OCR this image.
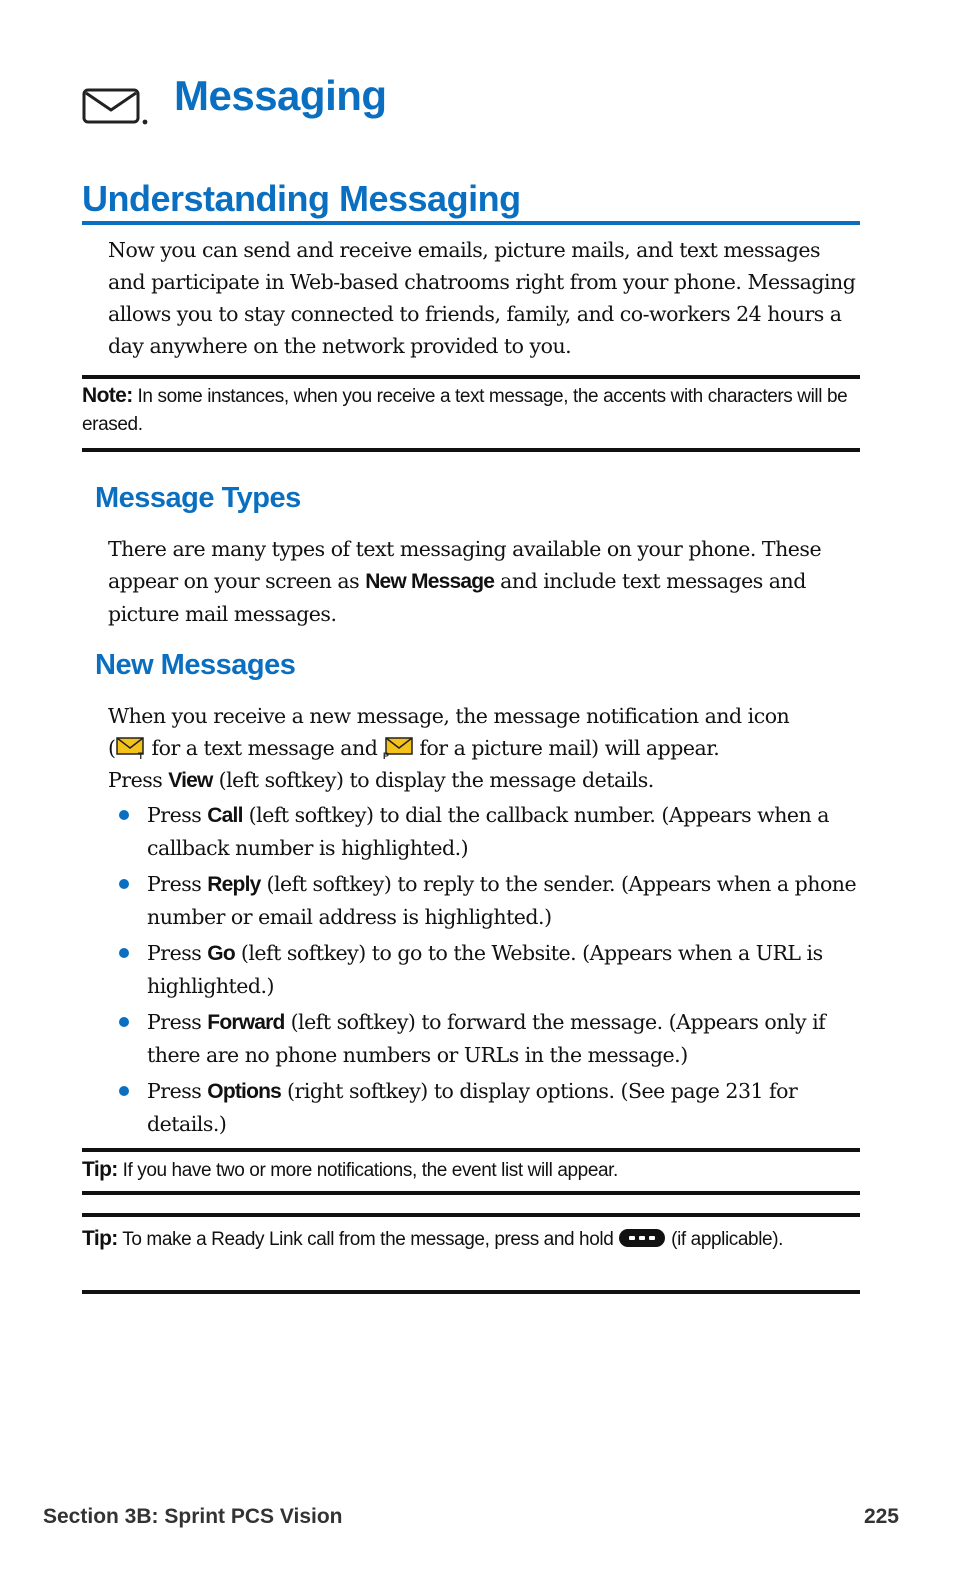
Messaging
Understanding Messaging

Now you can send and receive emails, picture mails, and text messages and participate in Web-based chatrooms right from your phone. Messaging allows you to stay connected to friends, family, and co-workers 24 hours a day anywhere on the network provided to you.

Note: In some instances, when you receive a text message, the accents with characters will be erased.
Message Types

There are many types of text messaging available on your phone. These appear on your screen as New Message and include text messages and picture mail messages.

New Messages
When you receive a new message, the message notification and icon
( T for a text message and P for a picture mail) will appear.
Press View (left softkey) to display the message details.
Press Call (left softkey) to dial the callback number. (Appears when a callback number is highlighted.)
Press Reply (left softkey) to reply to the sender. (Appears when a phone number or email address is highlighted.)
Press Go (left softkey) to go to the Website. (Appears when a URL is highlighted.)
Press Forward (left softkey) to forward the message. (Appears only if there are no phone numbers or URLs in the message.)
Press Options (right softkey) to display options. (See page 231 for details.)
Tip: If you have two or more notifications, the event list will appear.
Tip: To make a Ready Link call from the message, press and hold	(if applicable).
Section 3B: Sprint PCS Vision	225
